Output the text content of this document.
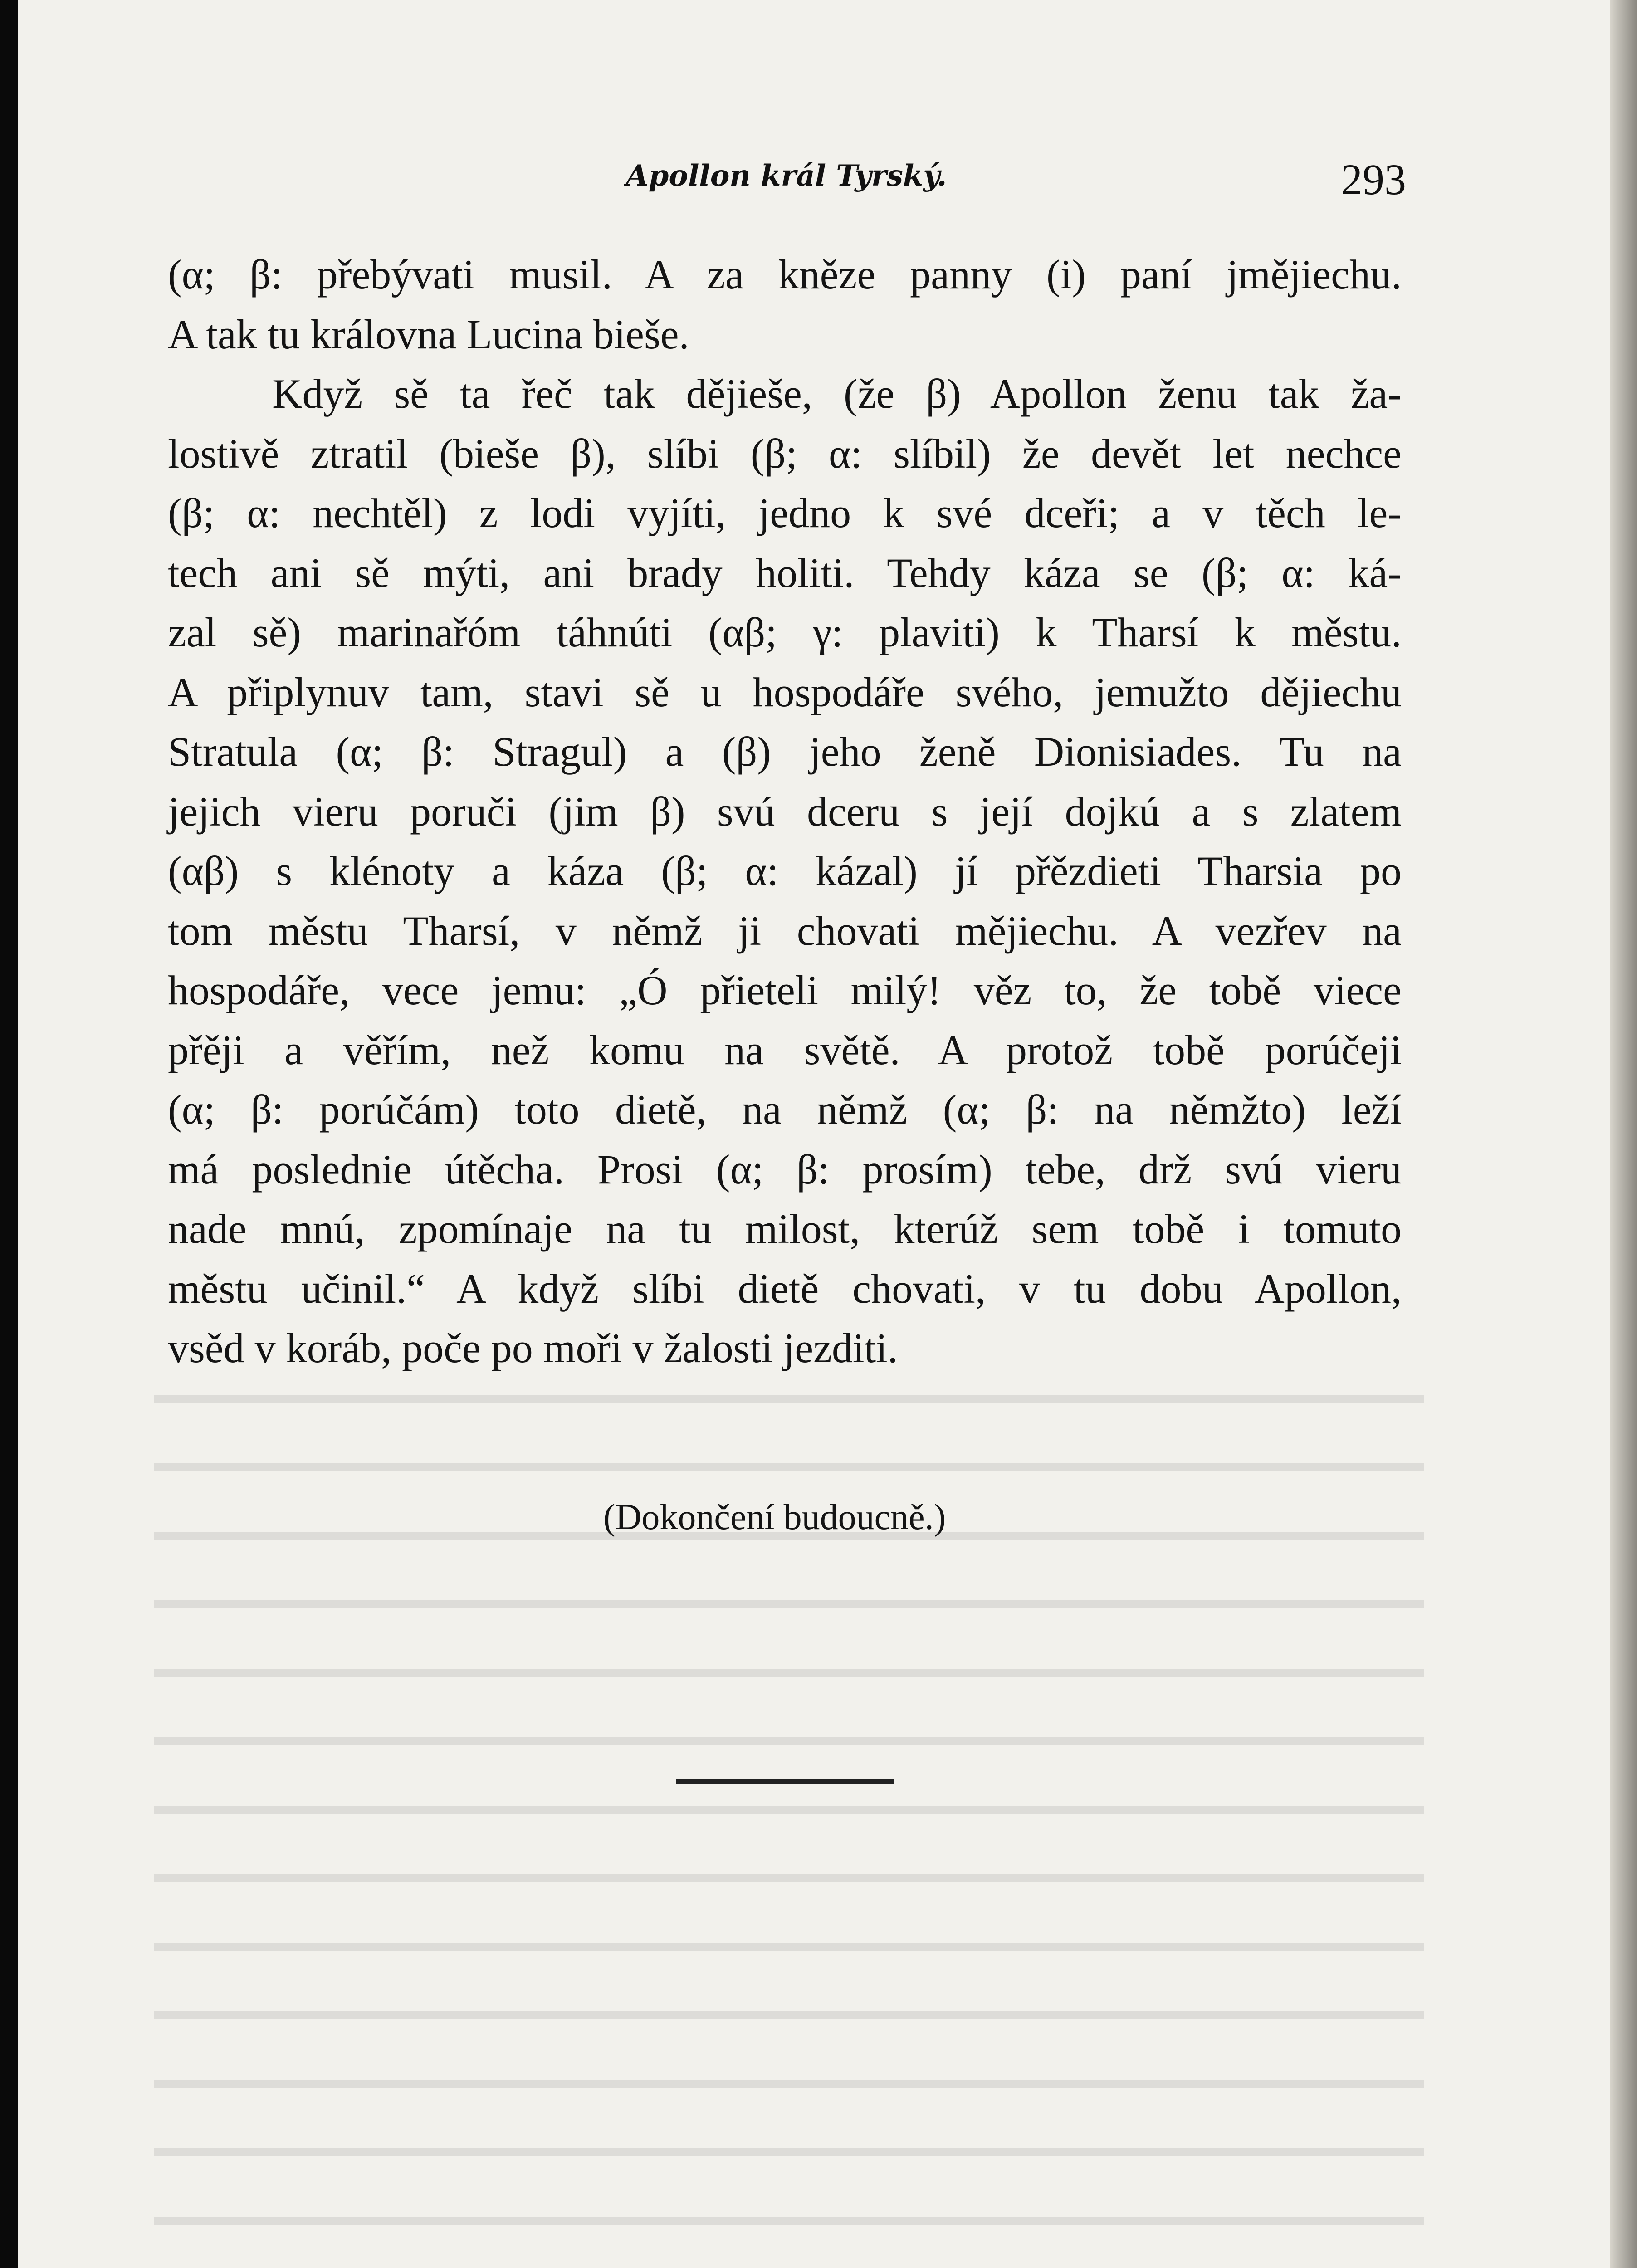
Apollon král Tyrský.	293
(α; β: přebývati musil. A za kněze panny (i) paní jmějiechu.
A tak tu královna Lucina bieše.
Když sě ta řeč tak dějieše, (že β) Apollon ženu tak ža-
lostivě ztratil (bieše β), slíbi (β; α: slíbil) že devět let nechce
(β; α: nechtěl) z lodi vyjíti, jedno k své dceři; a v těch le-
tech ani sě mýti, ani brady holiti. Tehdy káza se (β; α: ká-
zal sě) marinařóm táhnúti (αβ; γ: plaviti) k Tharsí k městu.
A připlynuv tam, stavi sě u hospodáře svého, jemužto dějiechu
Stratula (α; β: Stragul) a (β) jeho ženě Dionisiades. Tu na
jejich vieru poruči (jim β) svú dceru s její dojkú a s zlatem
(αβ) s klénoty a káza (β; α: kázal) jí přězdieti Tharsia po
tom městu Tharsí, v němž ji chovati mějiechu. A vezřev na
hospodáře, vece jemu: „Ó přieteli milý! věz to, že tobě viece
přěji a věřím, než komu na světě. A protož tobě porúčeji
(α; β: porúčám) toto dietě, na němž (α; β: na němžto) leží
má poslednie útěcha. Prosi (α; β: prosím) tebe, drž svú vieru
nade mnú, zpomínaje na tu milost, kterúž sem tobě i tomuto
městu učinil.“ A když slíbi dietě chovati, v tu dobu Apollon,
vsěd v koráb, poče po moři v žalosti jezditi.
(Dokončení budoucně.)
